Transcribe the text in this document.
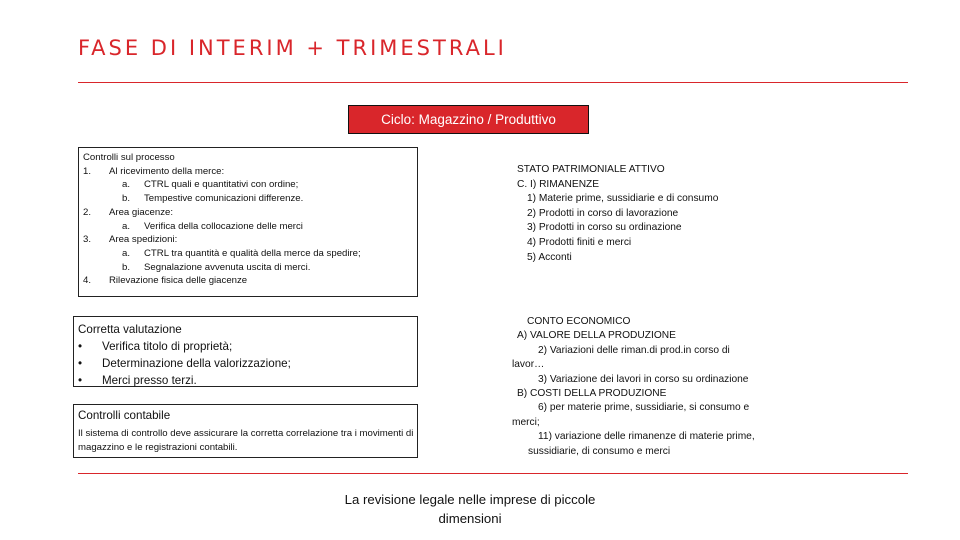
FASE DI INTERIM + TRIMESTRALI
Ciclo: Magazzino / Produttivo
Controlli sul processo
1. Al ricevimento della merce:
a. CTRL quali e quantitativi con ordine;
b. Tempestive comunicazioni differenze.
2. Area giacenze:
a. Verifica della collocazione delle merci
3. Area spedizioni:
a. CTRL tra quantità e qualità della merce da spedire;
b. Segnalazione avvenuta uscita di merci.
4. Rilevazione fisica delle giacenze
Corretta valutazione
• Verifica titolo di proprietà;
• Determinazione della valorizzazione;
• Merci presso terzi.
Controlli contabile
Il sistema di controllo deve assicurare la corretta correlazione tra i movimenti di magazzino e le registrazioni contabili.
STATO PATRIMONIALE ATTIVO
C. I) RIMANENZE
1) Materie prime, sussidiarie e di consumo
2) Prodotti in corso di lavorazione
3) Prodotti in corso su ordinazione
4) Prodotti finiti e merci
5) Acconti
CONTO ECONOMICO
A) VALORE DELLA PRODUZIONE
2) Variazioni delle riman.di prod.in corso di
lavor…
3) Variazione dei lavori in corso su ordinazione
B) COSTI DELLA PRODUZIONE
6) per materie prime, sussidiarie, si consumo e
merci;
11) variazione delle rimanenze di materie prime,
sussidiarie, di consumo e merci
La revisione legale nelle imprese di piccole
dimensioni
